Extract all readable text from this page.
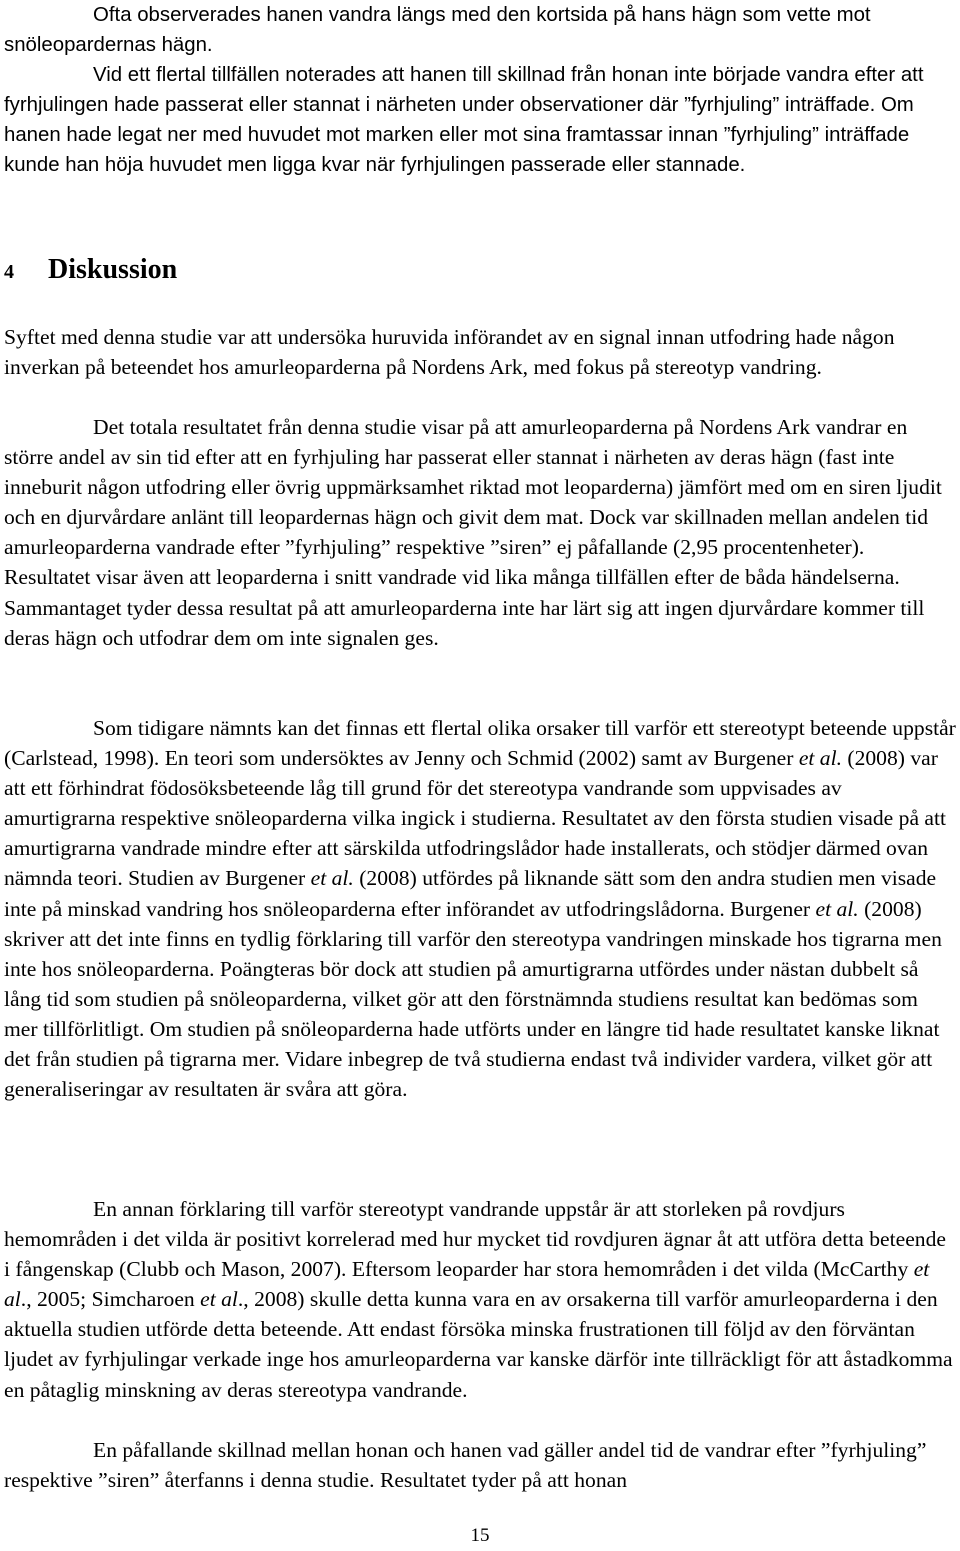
Ofta observerades hanen vandra längs med den kortsida på hans hägn som vette mot snöleopardernas hägn.

Vid ett flertal tillfällen noterades att hanen till skillnad från honan inte började vandra efter att fyrhjulingen hade passerat eller stannat i närheten under observationer där ”fyrhjuling” inträffade. Om hanen hade legat ner med huvudet mot marken eller mot sina framtassar innan ”fyrhjuling” inträffade kunde han höja huvudet men ligga kvar när fyrhjulingen passerade eller stannade.

4 Diskussion

Syftet med denna studie var att undersöka huruvida införandet av en signal innan utfodring hade någon inverkan på beteendet hos amurleoparderna på Nordens Ark, med fokus på stereotyp vandring.

Det totala resultatet från denna studie visar på att amurleoparderna på Nordens Ark vandrar en större andel av sin tid efter att en fyrhjuling har passerat eller stannat i närheten av deras hägn (fast inte inneburit någon utfodring eller övrig uppmärksamhet riktad mot leoparderna) jämfört med om en siren ljudit och en djurvårdare anlänt till leopardernas hägn och givit dem mat. Dock var skillnaden mellan andelen tid amurleoparderna vandrade efter ”fyrhjuling” respektive ”siren” ej påfallande (2,95 procentenheter). Resultatet visar även att leoparderna i snitt vandrade vid lika många tillfällen efter de båda händelserna. Sammantaget tyder dessa resultat på att amurleoparderna inte har lärt sig att ingen djurvårdare kommer till deras hägn och utfodrar dem om inte signalen ges.

Som tidigare nämnts kan det finnas ett flertal olika orsaker till varför ett stereotypt beteende uppstår (Carlstead, 1998). En teori som undersöktes av Jenny och Schmid (2002) samt av Burgener et al. (2008) var att ett förhindrat födosöksbeteende låg till grund för det stereotypa vandrande som uppvisades av amurtigrarna respektive snöleoparderna vilka ingick i studierna. Resultatet av den första studien visade på att amurtigrarna vandrade mindre efter att särskilda utfodringslådor hade installerats, och stödjer därmed ovan nämnda teori. Studien av Burgener et al. (2008) utfördes på liknande sätt som den andra studien men visade inte på minskad vandring hos snöleoparderna efter införandet av utfodringslådorna. Burgener et al. (2008) skriver att det inte finns en tydlig förklaring till varför den stereotypa vandringen minskade hos tigrarna men inte hos snöleoparderna. Poängteras bör dock att studien på amurtigrarna utfördes under nästan dubbelt så lång tid som studien på snöleoparderna, vilket gör att den förstnämnda studiens resultat kan bedömas som mer tillförlitligt. Om studien på snöleoparderna hade utförts under en längre tid hade resultatet kanske liknat det från studien på tigrarna mer. Vidare inbegrep de två studierna endast två individer vardera, vilket gör att generaliseringar av resultaten är svåra att göra.

En annan förklaring till varför stereotypt vandrande uppstår är att storleken på rovdjurs hemområden i det vilda är positivt korrelerad med hur mycket tid rovdjuren ägnar åt att utföra detta beteende i fångenskap (Clubb och Mason, 2007). Eftersom leoparder har stora hemområden i det vilda (McCarthy et al., 2005; Simcharoen et al., 2008) skulle detta kunna vara en av orsakerna till varför amurleoparderna i den aktuella studien utförde detta beteende. Att endast försöka minska frustrationen till följd av den förväntan ljudet av fyrhjulingar verkade inge hos amurleoparderna var kanske därför inte tillräckligt för att åstadkomma en påtaglig minskning av deras stereotypa vandrande.

En påfallande skillnad mellan honan och hanen vad gäller andel tid de vandrar efter ”fyrhjuling” respektive ”siren” återfanns i denna studie. Resultatet tyder på att honan

15
